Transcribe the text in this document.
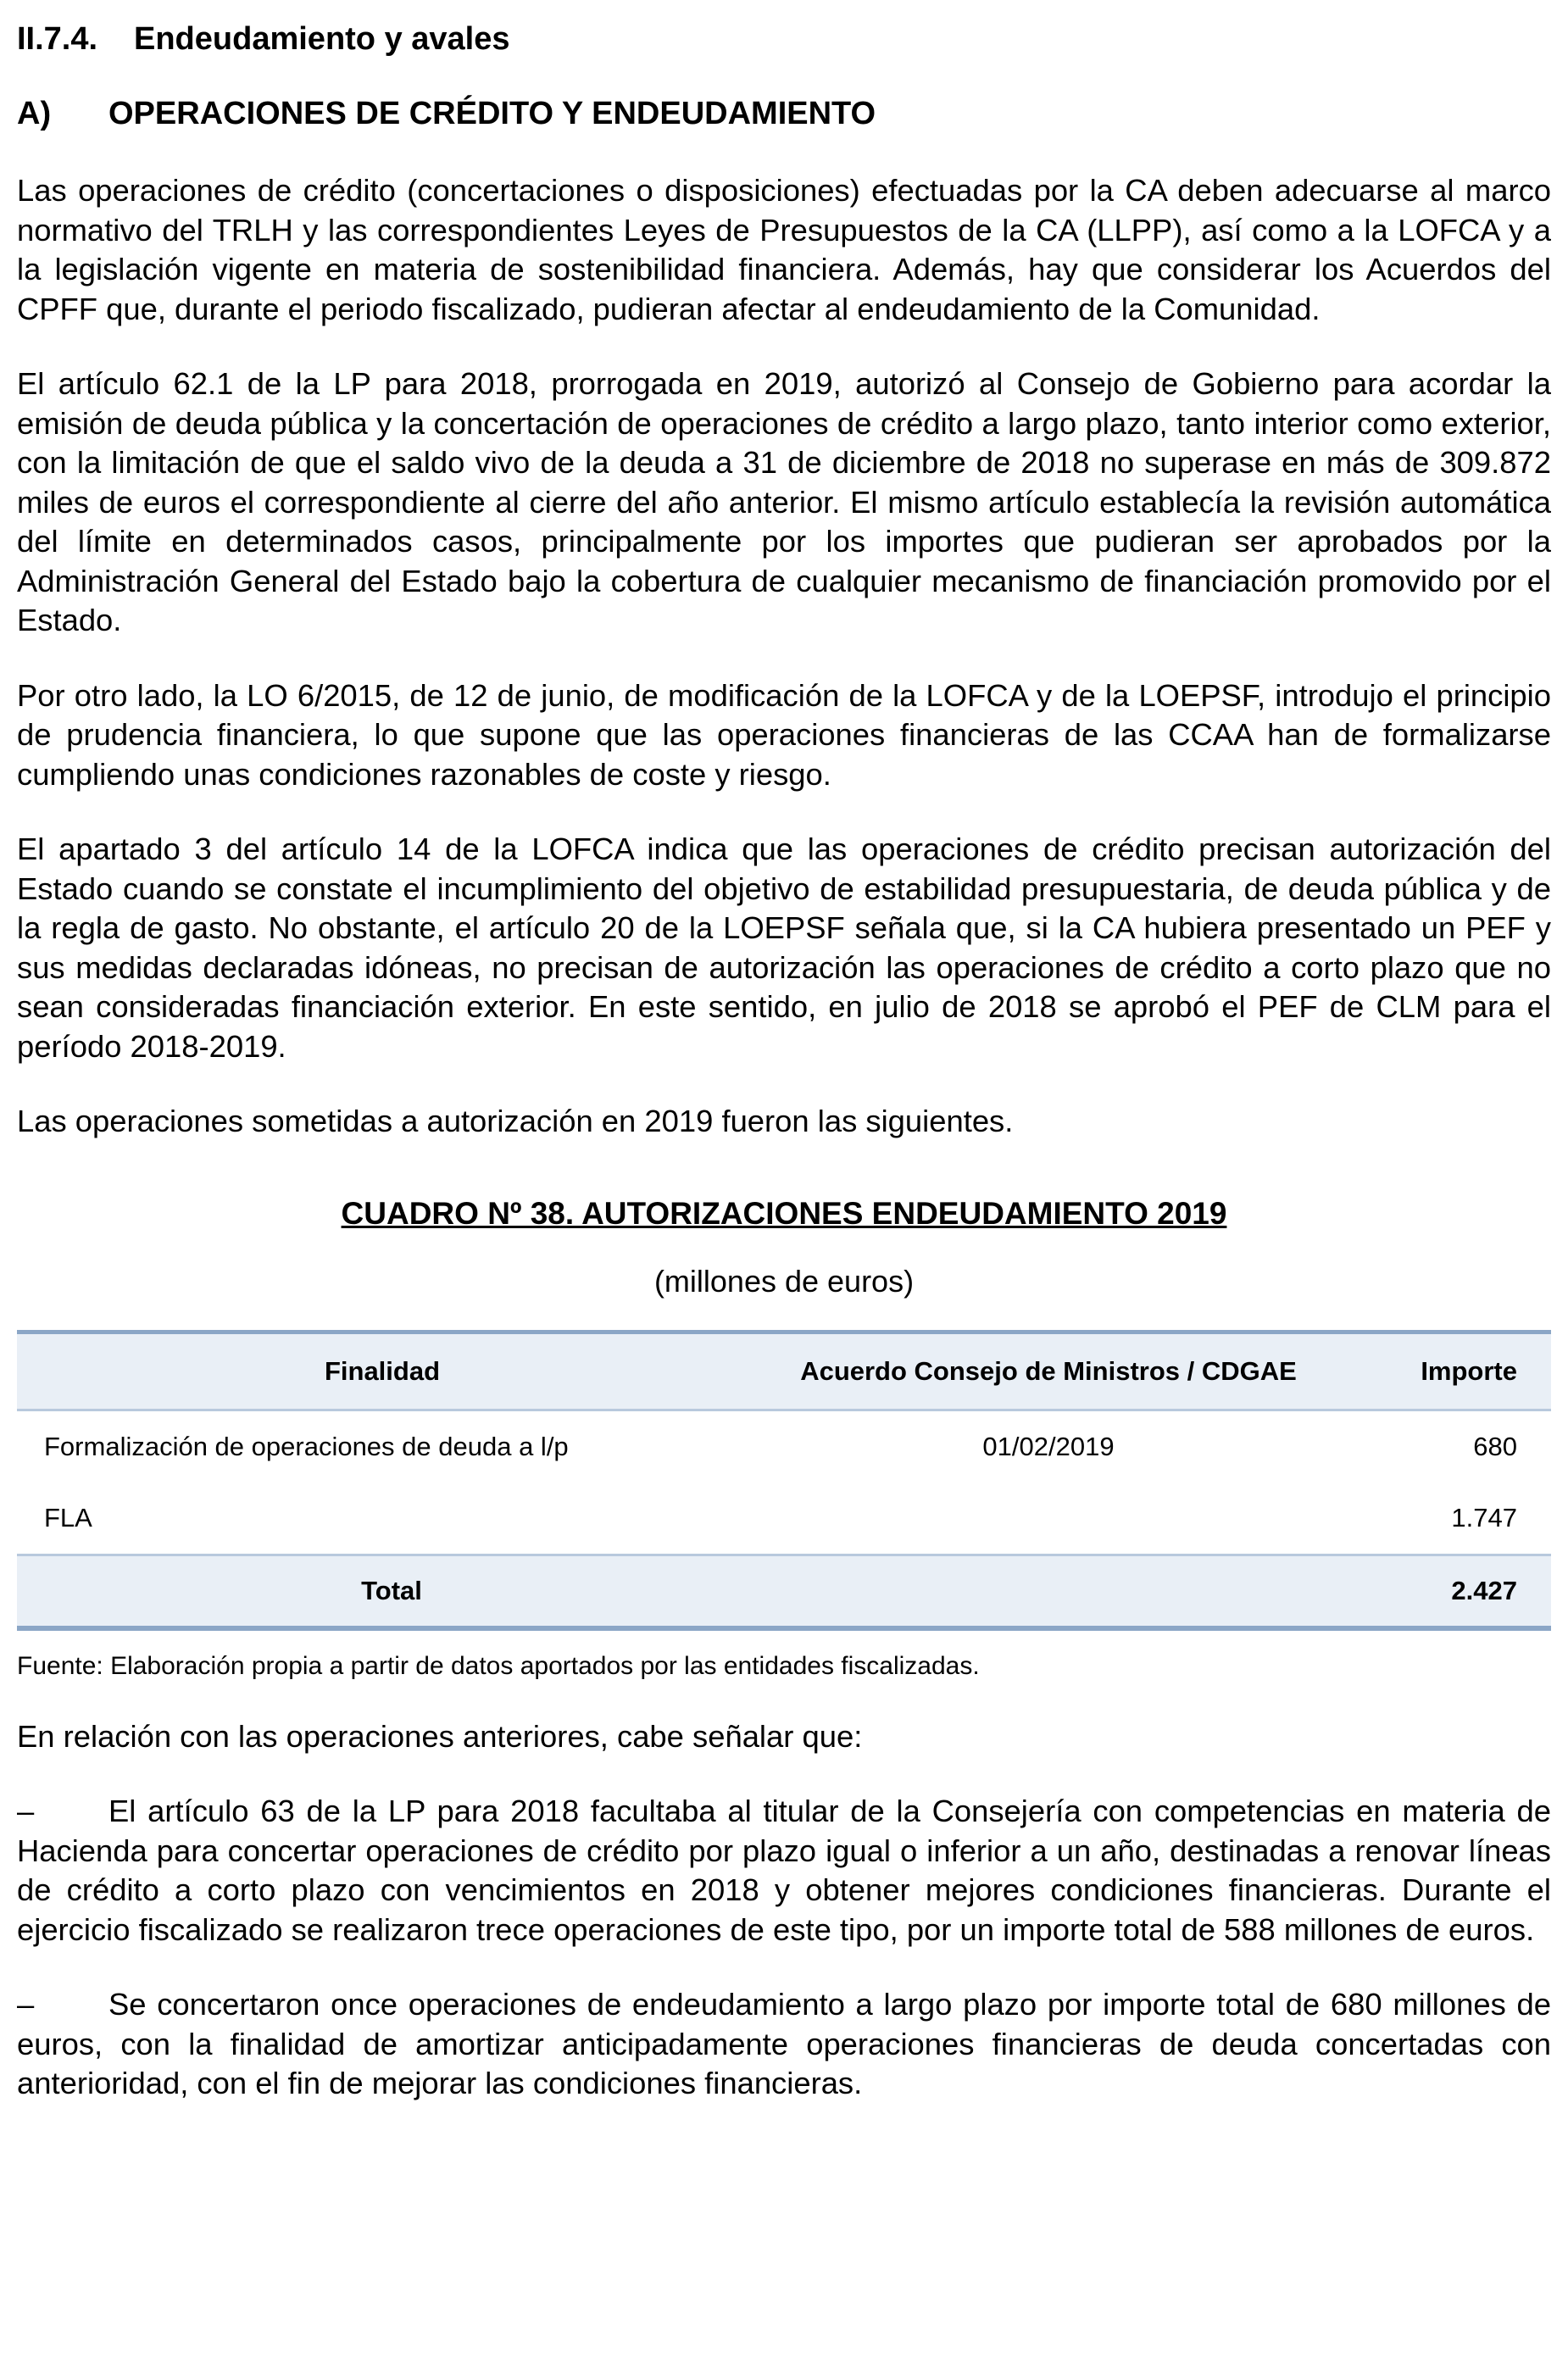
II.7.4. Endeudamiento y avales
A) OPERACIONES DE CRÉDITO Y ENDEUDAMIENTO

Las operaciones de crédito (concertaciones o disposiciones) efectuadas por la CA deben adecuarse al marco normativo del TRLH y las correspondientes Leyes de Presupuestos de la CA (LLPP), así como a la LOFCA y a la legislación vigente en materia de sostenibilidad financiera. Además, hay que considerar los Acuerdos del CPFF que, durante el periodo fiscalizado, pudieran afectar al endeudamiento de la Comunidad.

El artículo 62.1 de la LP para 2018, prorrogada en 2019, autorizó al Consejo de Gobierno para acordar la emisión de deuda pública y la concertación de operaciones de crédito a largo plazo, tanto interior como exterior, con la limitación de que el saldo vivo de la deuda a 31 de diciembre de 2018 no superase en más de 309.872 miles de euros el correspondiente al cierre del año anterior. El mismo artículo establecía la revisión automática del límite en determinados casos, principalmente por los importes que pudieran ser aprobados por la Administración General del Estado bajo la cobertura de cualquier mecanismo de financiación promovido por el Estado.

Por otro lado, la LO 6/2015, de 12 de junio, de modificación de la LOFCA y de la LOEPSF, introdujo el principio de prudencia financiera, lo que supone que las operaciones financieras de las CCAA han de formalizarse cumpliendo unas condiciones razonables de coste y riesgo.

El apartado 3 del artículo 14 de la LOFCA indica que las operaciones de crédito precisan autorización del Estado cuando se constate el incumplimiento del objetivo de estabilidad presupuestaria, de deuda pública y de la regla de gasto. No obstante, el artículo 20 de la LOEPSF señala que, si la CA hubiera presentado un PEF y sus medidas declaradas idóneas, no precisan de autorización las operaciones de crédito a corto plazo que no sean consideradas financiación exterior. En este sentido, en julio de 2018 se aprobó el PEF de CLM para el período 2018-2019.

Las operaciones sometidas a autorización en 2019 fueron las siguientes.

CUADRO Nº 38. AUTORIZACIONES ENDEUDAMIENTO 2019
(millones de euros)
Finalidad	Acuerdo Consejo de Ministros / CDGAE	Importe
Formalización de operaciones de deuda a l/p	01/02/2019	680
FLA		1.747
Total		2.427
Fuente: Elaboración propia a partir de datos aportados por las entidades fiscalizadas.
En relación con las operaciones anteriores, cabe señalar que:

– El artículo 63 de la LP para 2018 facultaba al titular de la Consejería con competencias en materia de Hacienda para concertar operaciones de crédito por plazo igual o inferior a un año, destinadas a renovar líneas de crédito a corto plazo con vencimientos en 2018 y obtener mejores condiciones financieras. Durante el ejercicio fiscalizado se realizaron trece operaciones de este tipo, por un importe total de 588 millones de euros.

– Se concertaron once operaciones de endeudamiento a largo plazo por importe total de 680 millones de euros, con la finalidad de amortizar anticipadamente operaciones financieras de deuda concertadas con anterioridad, con el fin de mejorar las condiciones financieras.
